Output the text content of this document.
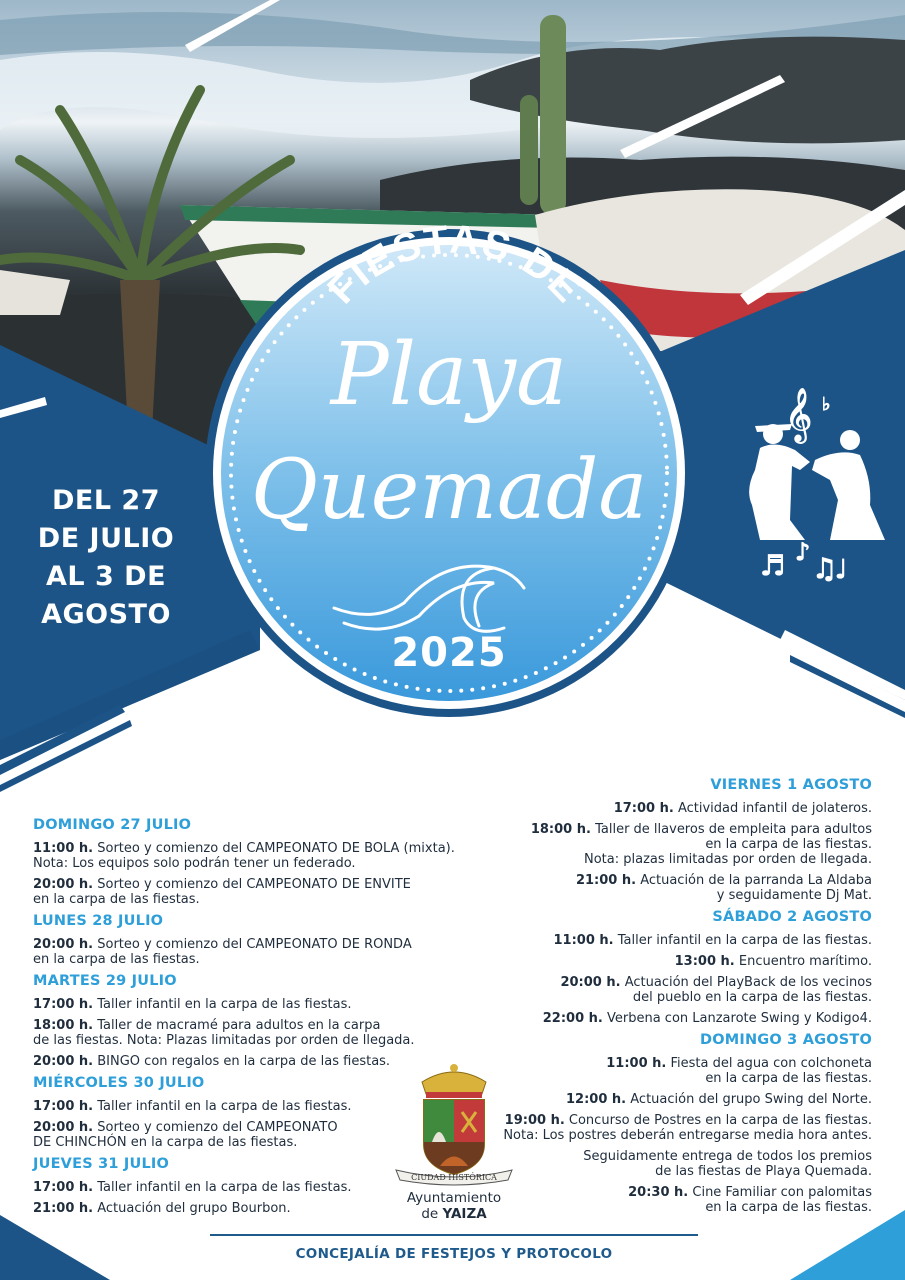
𝄞 ♭
♬ ♪ ♫
♩
FIESTAS DE
Playa
Quemada
2025
DEL 27
DE JULIO
AL 3 DE
AGOSTO
DOMINGO 27 JULIO
11:00 h. Sorteo y comienzo del CAMPEONATO DE BOLA (mixta).
Nota: Los equipos solo podrán tener un federado.
20:00 h. Sorteo y comienzo del CAMPEONATO DE ENVITE
en la carpa de las fiestas.
LUNES 28 JULIO
20:00 h. Sorteo y comienzo del CAMPEONATO DE RONDA
en la carpa de las fiestas.
MARTES 29 JULIO
17:00 h. Taller infantil en la carpa de las fiestas.
18:00 h. Taller de macramé para adultos en la carpa
de las fiestas. Nota: Plazas limitadas por orden de llegada.
20:00 h. BINGO con regalos en la carpa de las fiestas.
MIÉRCOLES 30 JULIO
17:00 h. Taller infantil en la carpa de las fiestas.
20:00 h. Sorteo y comienzo del CAMPEONATO
DE CHINCHÓN en la carpa de las fiestas.
JUEVES 31 JULIO
17:00 h. Taller infantil en la carpa de las fiestas.
21:00 h. Actuación del grupo Bourbon.
VIERNES 1 AGOSTO
17:00 h. Actividad infantil de jolateros.
18:00 h. Taller de llaveros de empleita para adultos
en la carpa de las fiestas.
Nota: plazas limitadas por orden de llegada.
21:00 h. Actuación de la parranda La Aldaba
y seguidamente Dj Mat.
SÁBADO 2 AGOSTO
11:00 h. Taller infantil en la carpa de las fiestas.
13:00 h. Encuentro marítimo.
20:00 h. Actuación del PlayBack de los vecinos
del pueblo en la carpa de las fiestas.
22:00 h. Verbena con Lanzarote Swing y Kodigo4.
DOMINGO 3 AGOSTO
11:00 h. Fiesta del agua con colchoneta
en la carpa de las fiestas.
12:00 h. Actuación del grupo Swing del Norte.
19:00 h. Concurso de Postres en la carpa de las fiestas.
Nota: Los postres deberán entregarse media hora antes.
Seguidamente entrega de todos los premios
de las fiestas de Playa Quemada.
20:30 h. Cine Familiar con palomitas
en la carpa de las fiestas.
CIUDAD HISTÓRICA
Ayuntamiento
de YAIZA
CONCEJALÍA DE FESTEJOS Y PROTOCOLO
